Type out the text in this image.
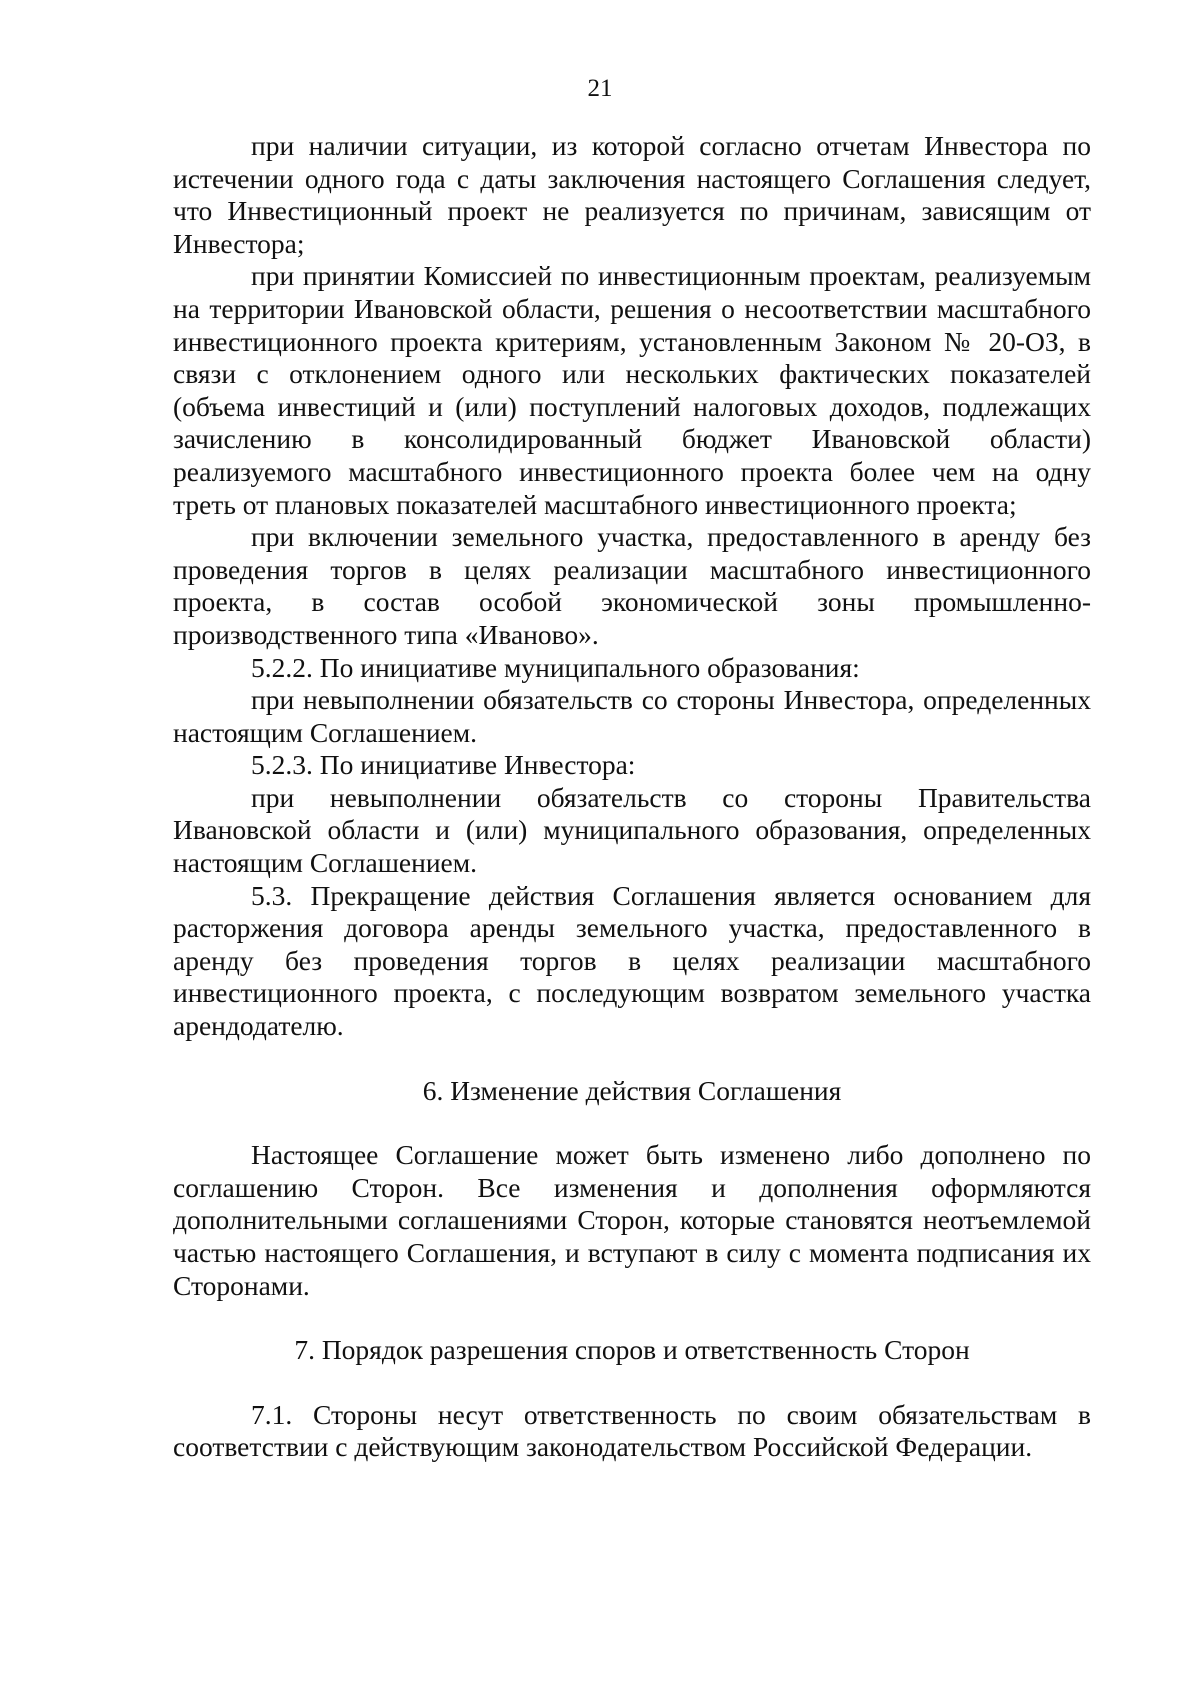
21

при наличии ситуации, из которой согласно отчетам Инвестора по истечении одного года с даты заключения настоящего Соглашения следует, что Инвестиционный проект не реализуется по причинам, зависящим от Инвестора;

при принятии Комиссией по инвестиционным проектам, реализуемым на территории Ивановской области, решения о несоответствии масштабного инвестиционного проекта критериям, установленным Законом № 20-ОЗ, в связи с отклонением одного или нескольких фактических показателей (объема инвестиций и (или) поступлений налоговых доходов, подлежащих зачислению в консолидированный бюджет Ивановской области) реализуемого масштабного инвестиционного проекта более чем на одну треть от плановых показателей масштабного инвестиционного проекта;

при включении земельного участка, предоставленного в аренду без проведения торгов в целях реализации масштабного инвестиционного проекта, в состав особой экономической зоны промышленно-производственного типа «Иваново».

5.2.2. По инициативе муниципального образования:

при невыполнении обязательств со стороны Инвестора, определенных настоящим Соглашением.

5.2.3. По инициативе Инвестора:

при невыполнении обязательств со стороны Правительства Ивановской области и (или) муниципального образования, определенных настоящим Соглашением.

5.3. Прекращение действия Соглашения является основанием для расторжения договора аренды земельного участка, предоставленного в аренду без проведения торгов в целях реализации масштабного инвестиционного проекта, с последующим возвратом земельного участка арендодателю.

6. Изменение действия Соглашения

Настоящее Соглашение может быть изменено либо дополнено по соглашению Сторон. Все изменения и дополнения оформляются дополнительными соглашениями Сторон, которые становятся неотъемлемой частью настоящего Соглашения, и вступают в силу с момента подписания их Сторонами.

7. Порядок разрешения споров и ответственность Сторон

7.1. Стороны несут ответственность по своим обязательствам в соответствии с действующим законодательством Российской Федерации.
